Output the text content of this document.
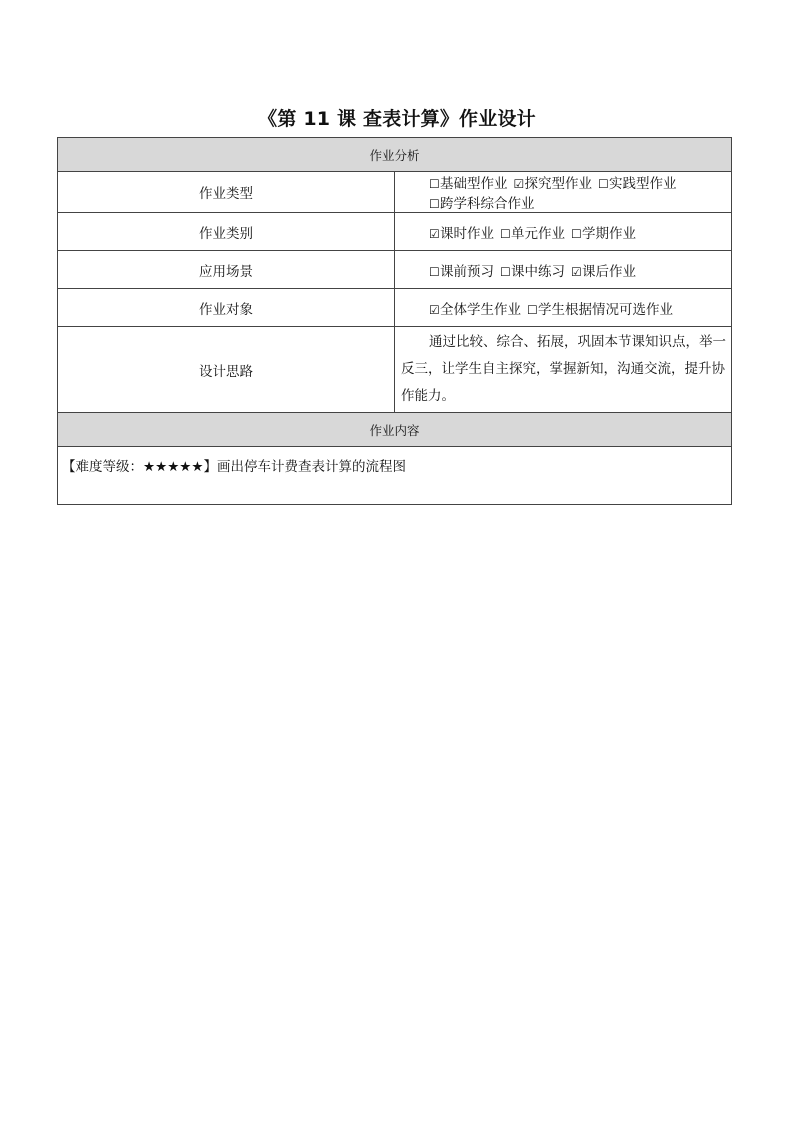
《第 11 课 查表计算》作业设计
作业分析	
作业类型	☐基础型作业 ☑探究型作业 ☐实践型作业☐跨学科综合作业
作业类别	☑课时作业 ☐单元作业 ☐学期作业
应用场景	☐课前预习 ☐课中练习 ☑课后作业
作业对象	☑全体学生作业 ☐学生根据情况可选作业
设计思路	通过比较、综合、拓展，巩固本节课知识点，举一反三，让学生自主探究，掌握新知，沟通交流，提升协作能力。

作业内容	
【难度等级：★★★★★】画出停车计费查表计算的流程图	
